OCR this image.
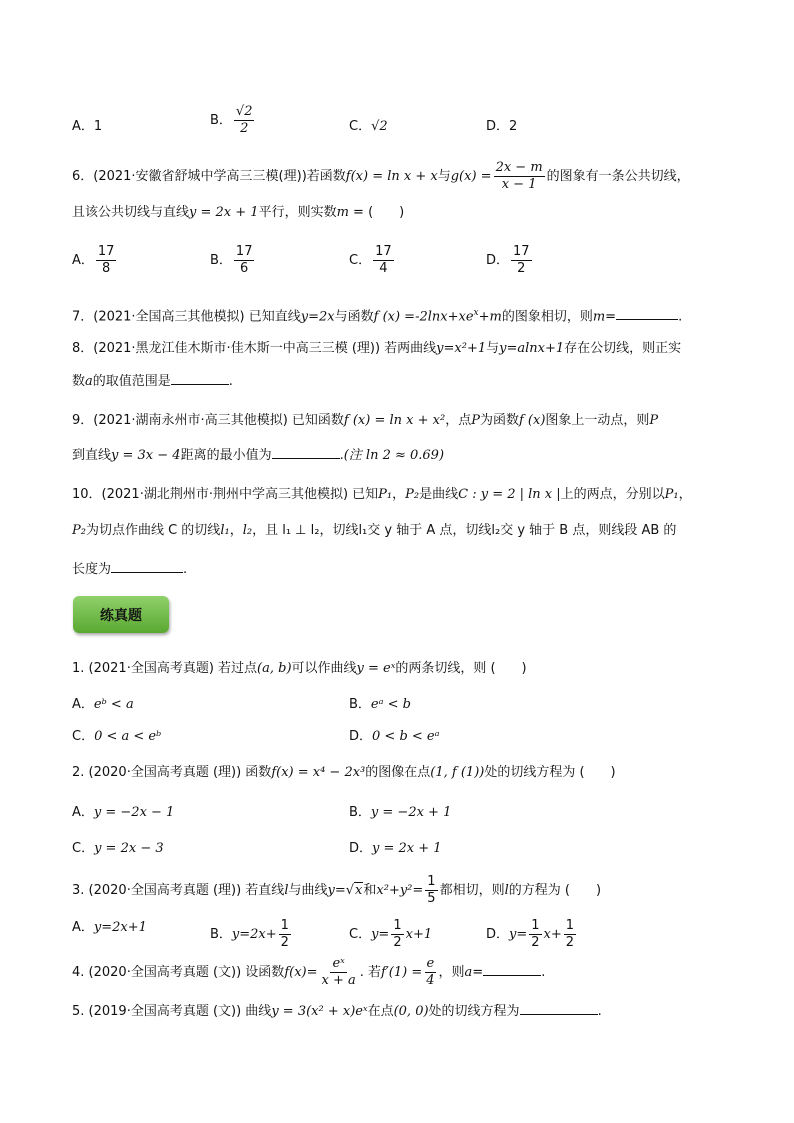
A．1	B． $\frac{√2}{2}$	C．√2	D．2
6．(2021·安徽省舒城中学高三三模(理))若函数f(x) = ln x + x与$g(x) = \frac{2x - m}{x - 1}$ 的图象有一条公共切线，
且该公共切线与直线y = 2x + 1平行，则实数m = (　　)
A． $\frac{17}{8}$	B． $\frac{17}{6}$	C． $\frac{17}{4}$	D． $\frac{17}{2}$
7．(2021·全国高三其他模拟) 已知直线y=2x与函数f $(x) =-2\ln x+xe^x+m$的图象相切，则m=	.
8．(2021·黑龙江佳木斯市·佳木斯一中高三三模 (理)) 若两曲线y=x²+1与y=alnx+1存在公切线，则正实
数a的取值范围是	.
9．(2021·湖南永州市·高三其他模拟) 已知函数f (x) = ln x + x²，点P为函数f (x)图象上一动点，则P
到直线y = 3x − 4距离的最小值为	.(注 ln 2 ≈ 0.69)
10．(2021·湖北荆州市·荆州中学高三其他模拟) 已知P₁，P₂是曲线C : y = 2 | ln x |上的两点，分别以P₁，
P₂为切点作曲线 C 的切线l₁，l₂，且 l₁ ⊥ l₂，切线l₁交 y 轴于 A 点，切线l₂交 y 轴于 B 点，则线段 AB 的
长度为	.
练真题
1. (2021·全国高考真题) 若过点(a, b)可以作曲线y = eˣ的两条切线，则 (　　)
A．eᵇ < a	B．eᵃ < b
C．0 < a < eᵇ	D．0 < b < eᵃ
2. (2020·全国高考真题 (理)) 函数f(x) = x⁴ − 2x³的图像在点(1, f (1))处的切线方程为 (　　)
A．y = −2x − 1	B．y = −2x + 1
C．y = 2x − 3	D．y = 2x + 1
3. (2020·全国高考真题 (理)) 若直线l与曲线y=√x和$x^2+y^2= \frac{1}{5}$ 都相切，则l的方程为 (　　)
A．y=2x+1	B．$y=2x+ \frac{1}{2}$	C．$y= \frac{1}{2} x+1$	D．$y= \frac{1}{2} x+ \frac{1}{2}$
4. (2020·全国高考真题 (文)) 设函数$f(x)= \frac{\text{eˣ}}{x + a}$ . 若$f'(1) = \frac{e}{4}$ ，则a=	.
5. (2019·全国高考真题 (文)) 曲线y = 3(x² + x)eˣ在点(0, 0)处的切线方程为	.
